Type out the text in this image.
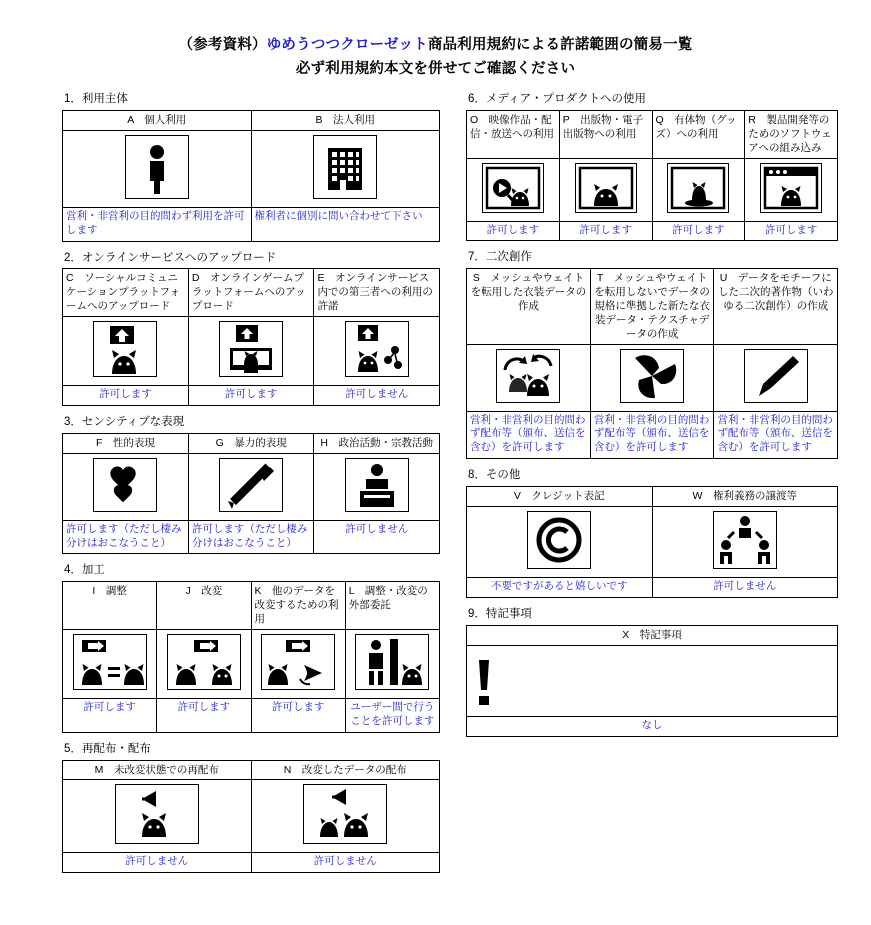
（参考資料）ゆめうつつクローゼット商品利用規約による許諾範囲の簡易一覧
必ず利用規約本文を併せてご確認ください
1．利用主体
A　個人利用	B　法人利用

営利・非営利の目的問わず利用を許可します	権利者に個別に問い合わせて下さい
2．オンラインサービスへのアップロード
C　ソーシャルコミュニケーションプラットフォームへのアップロード	D　オンラインゲームプラットフォームへのアップロード	E　オンラインサービス内での第三者への利用の許諾

許可します	許可します	許可しません
3．センシティブな表現
F　性的表現	G　暴力的表現	H　政治活動・宗教活動

許可します（ただし棲み分けはおこなうこと）	許可します（ただし棲み分けはおこなうこと）	許可しません
4．加工
I　調整	J　改変	K　他のデータを改変するための利用	L　調整・改変の外部委託

許可します	許可します	許可します	ユーザー間で行うことを許可します
5．再配布・配布
M　未改変状態での再配布	N　改変したデータの配布

許可しません	許可しません
6．メディア・プロダクトへの使用
O　映像作品・配信・放送への利用	P　出版物・電子出版物への利用	Q　有体物（グッズ）への利用	R　製品開発等のためのソフトウェアへの組み込み

許可します	許可します	許可します	許可します
7．二次創作
S　メッシュやウェイトを転用した衣装データの作成	T　メッシュやウェイトを転用しないでデータの規格に準拠した新たな衣装データ・テクスチャデータの作成	U　データをモチーフにした二次的著作物（いわゆる二次創作）の作成

営利・非営利の目的問わず配布等（頒布、送信を含む）を許可します	営利・非営利の目的問わず配布等（頒布、送信を含む）を許可します	営利・非営利の目的問わず配布等（頒布、送信を含む）を許可します
8．その他
V　クレジット表記	W　権利義務の譲渡等

不要ですがあると嬉しいです	許可しません
9．特記事項
X　特記事項

なし
